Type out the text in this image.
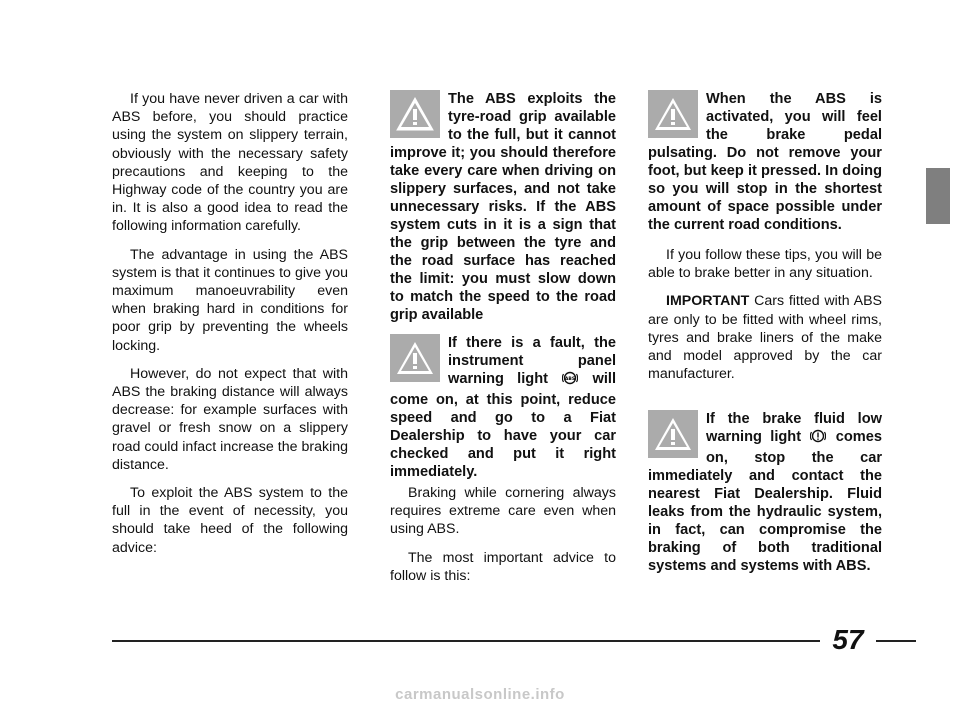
If you have never driven a car with ABS before, you should practice using the system on slippery terrain, obviously with the necessary safety precautions and keeping to the Highway code of the country you are in. It is also a good idea to read the following information carefully.

The advantage in using the ABS system is that it continues to give you maximum manoeuvrability even when braking hard in conditions for poor grip by preventing the wheels locking.

However, do not expect that with ABS the braking distance will always decrease: for example surfaces with gravel or fresh snow on a slippery road could infact increase the braking distance.

To exploit the ABS system to the full in the event of necessity, you should take heed of the following advice:

The ABS exploits the tyre-road grip available to the full, but it cannot improve it; you should therefore take every care when driving on slippery surfaces, and not take unnecessary risks. If the ABS system cuts in it is a sign that the grip between the tyre and the road surface has reached the limit: you must slow down to match the speed to the road grip available
If there is a fault, the instrument panel warning light	ABS will come on, at this point, reduce speed and go to a Fiat Dealership to have your car checked and put it right immediately.

Braking while cornering always requires extreme care even when using ABS.

The most important advice to follow is this:

When the ABS is activated, you will feel the brake pedal pulsating. Do not remove your foot, but keep it pressed. In doing so you will stop in the shortest amount of space possible under the current road conditions.

If you follow these tips, you will be able to brake better in any situation.

IMPORTANT Cars fitted with ABS are only to be fitted with wheel rims, tyres and brake liners of the make and model approved by the car manufacturer.

If the brake fluid low warning light comes on, stop the car immediately and contact the nearest Fiat Dealership. Fluid leaks from the hydraulic system, in fact, can compromise the braking of both traditional systems and systems with ABS.
57
carmanualsonline.info
